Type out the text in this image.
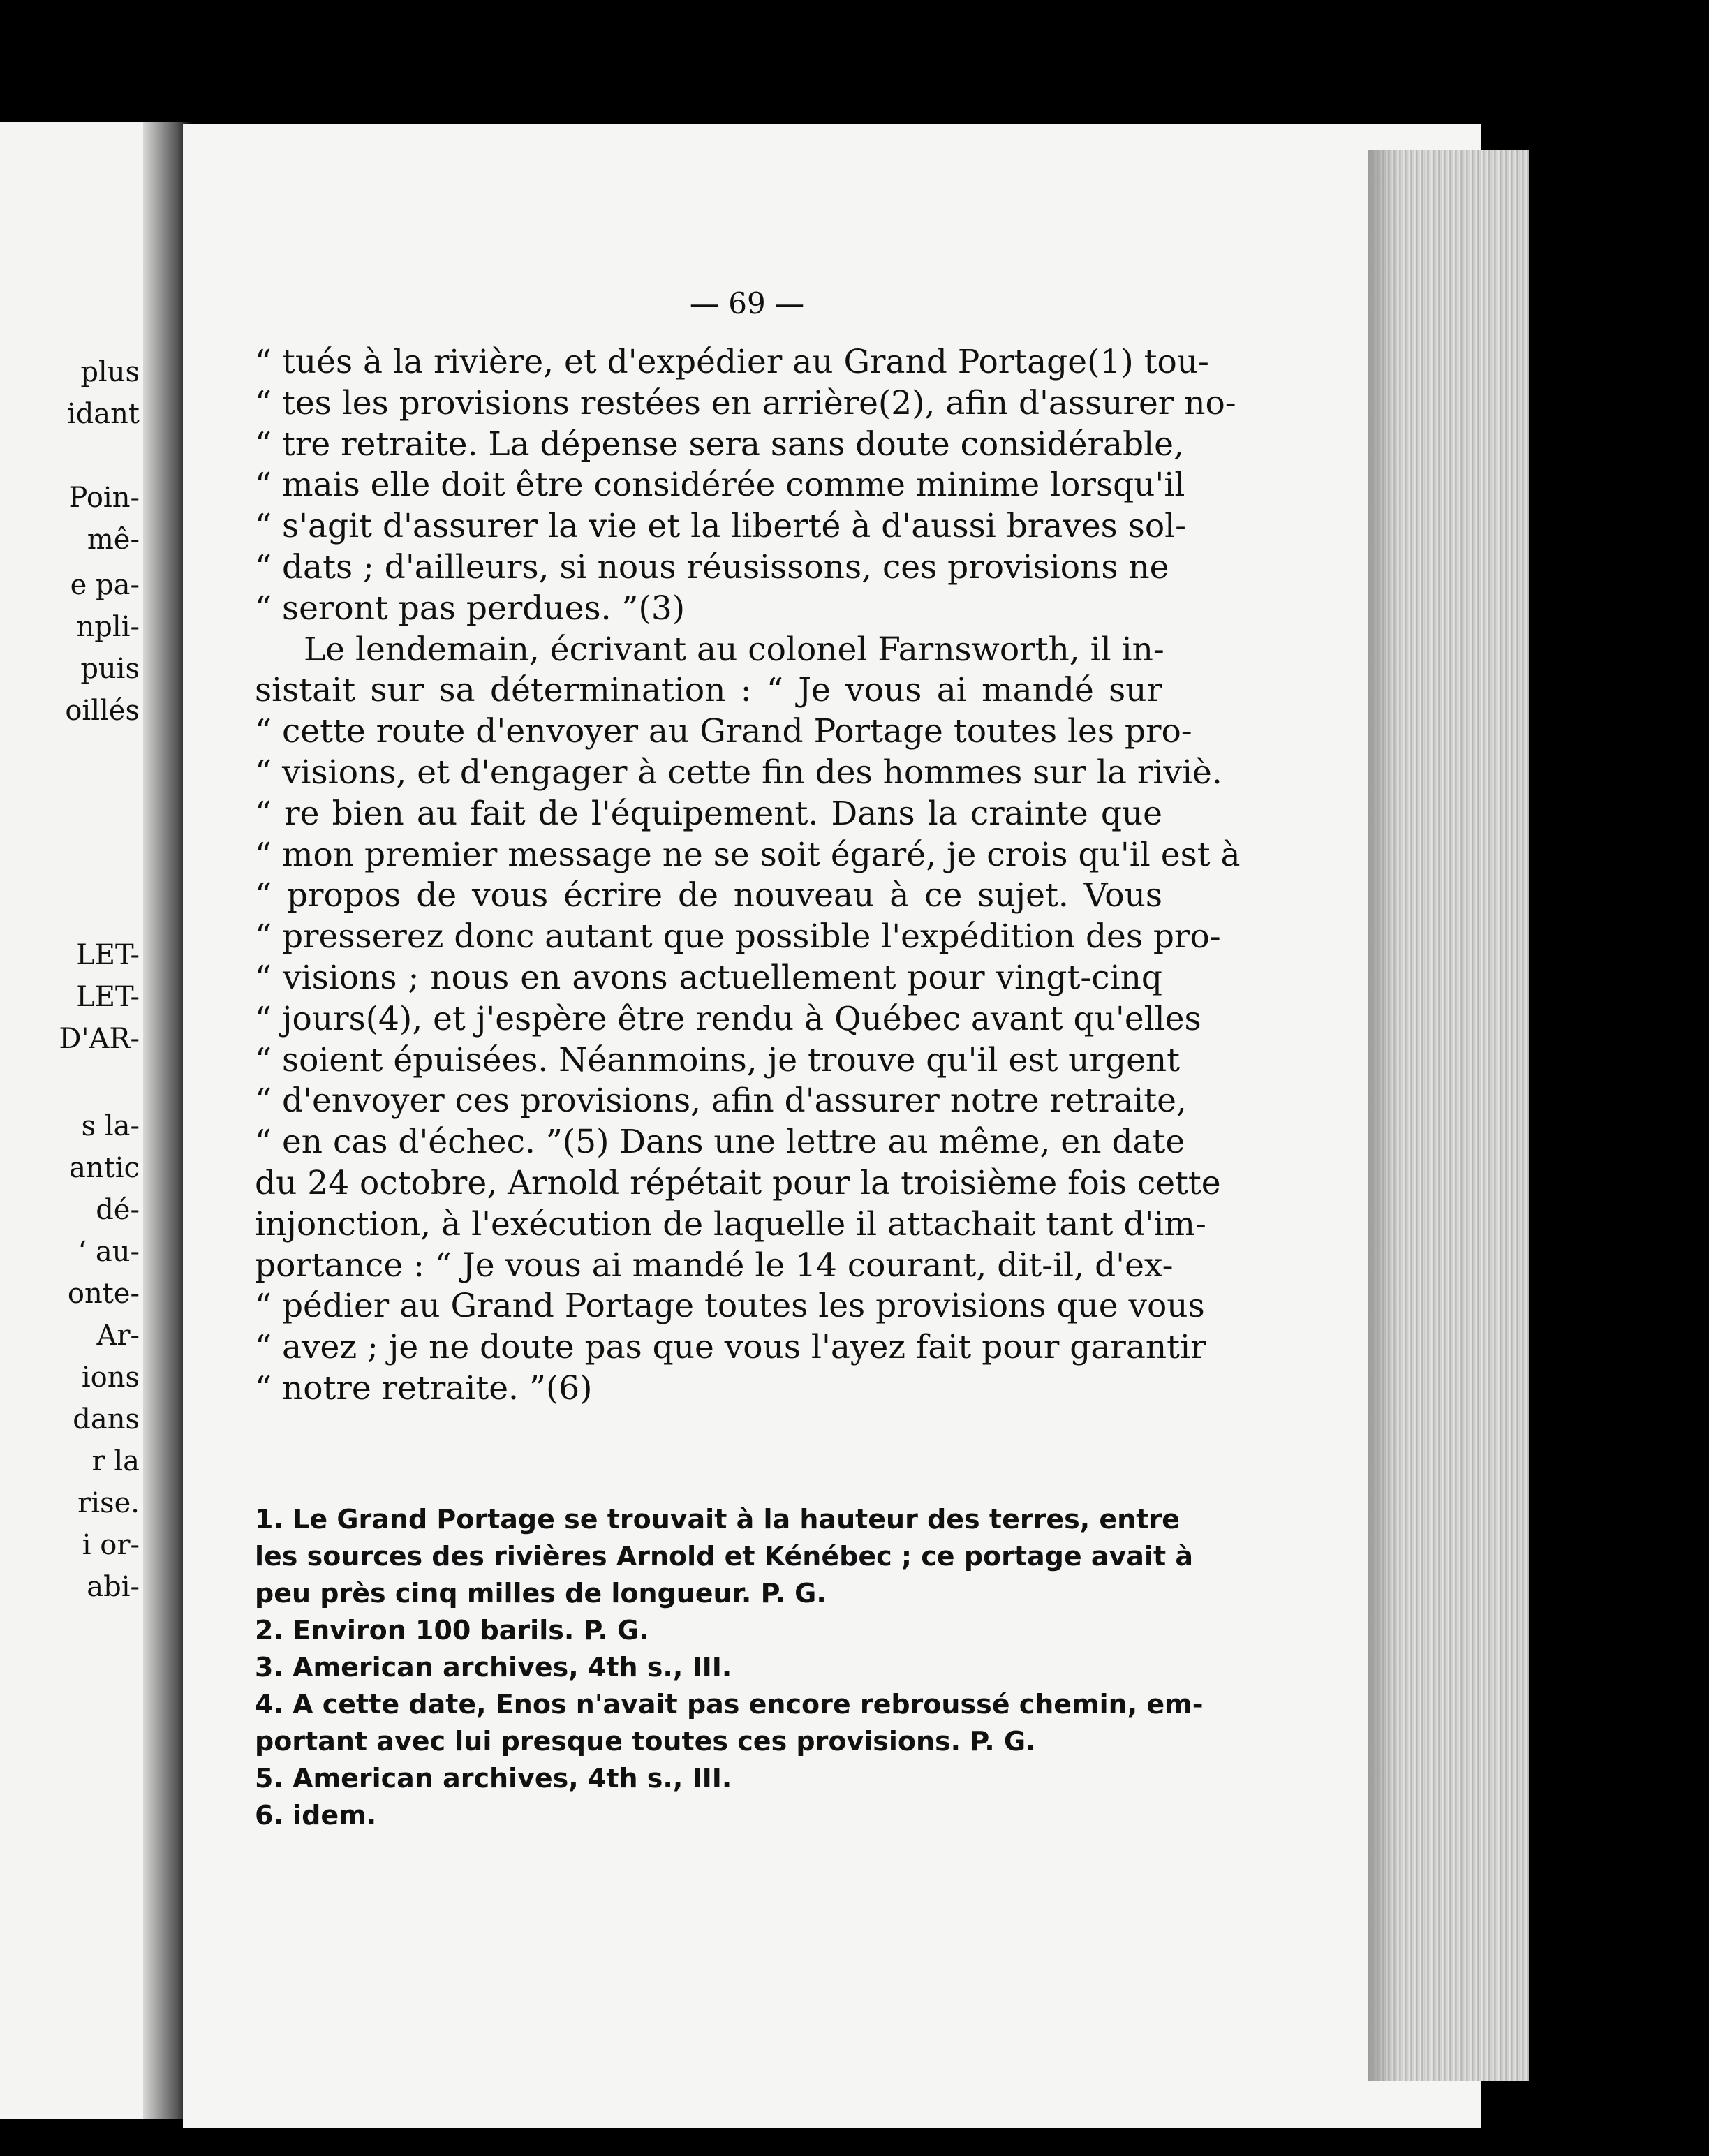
plus
idant
Poin-
mê-
e pa-
npli-
puis
oillés
LET-
LET-
D'AR-
s la-
antic
dé-
‘ au-
onte-
Ar-
ions
dans
r la
rise.
i or-
abi-
— 69 —
“ tués à la rivière, et d'expédier au Grand Portage(1) tou-
“ tes les provisions restées en arrière(2), afin d'assurer no-
“ tre retraite. La dépense sera sans doute considérable,
“ mais elle doit être considérée comme minime lorsqu'il
“ s'agit d'assurer la vie et la liberté à d'aussi braves sol-
“ dats ; d'ailleurs, si nous réusissons, ces provisions ne
“ seront pas perdues. ”(3)
Le lendemain, écrivant au colonel Farnsworth, il in-
sistait sur sa détermination : “ Je vous ai mandé sur
“ cette route d'envoyer au Grand Portage toutes les pro-
“ visions, et d'engager à cette fin des hommes sur la riviè.
“ re bien au fait de l'équipement. Dans la crainte que
“ mon premier message ne se soit égaré, je crois qu'il est à
“ propos de vous écrire de nouveau à ce sujet. Vous
“ presserez donc autant que possible l'expédition des pro-
“ visions ; nous en avons actuellement pour vingt-cinq
“ jours(4), et j'espère être rendu à Québec avant qu'elles
“ soient épuisées. Néanmoins, je trouve qu'il est urgent
“ d'envoyer ces provisions, afin d'assurer notre retraite,
“ en cas d'échec. ”(5) Dans une lettre au même, en date
du 24 octobre, Arnold répétait pour la troisième fois cette
injonction, à l'exécution de laquelle il attachait tant d'im-
portance : “ Je vous ai mandé le 14 courant, dit-il, d'ex-
“ pédier au Grand Portage toutes les provisions que vous
“ avez ; je ne doute pas que vous l'ayez fait pour garantir
“ notre retraite. ”(6)
1. Le Grand Portage se trouvait à la hauteur des terres, entre
les sources des rivières Arnold et Kénébec ; ce portage avait à
peu près cinq milles de longueur. P. G.
2. Environ 100 barils. P. G.
3. American archives, 4th s., III.
4. A cette date, Enos n'avait pas encore rebroussé chemin, em-
portant avec lui presque toutes ces provisions. P. G.
5. American archives, 4th s., III.
6. idem.
